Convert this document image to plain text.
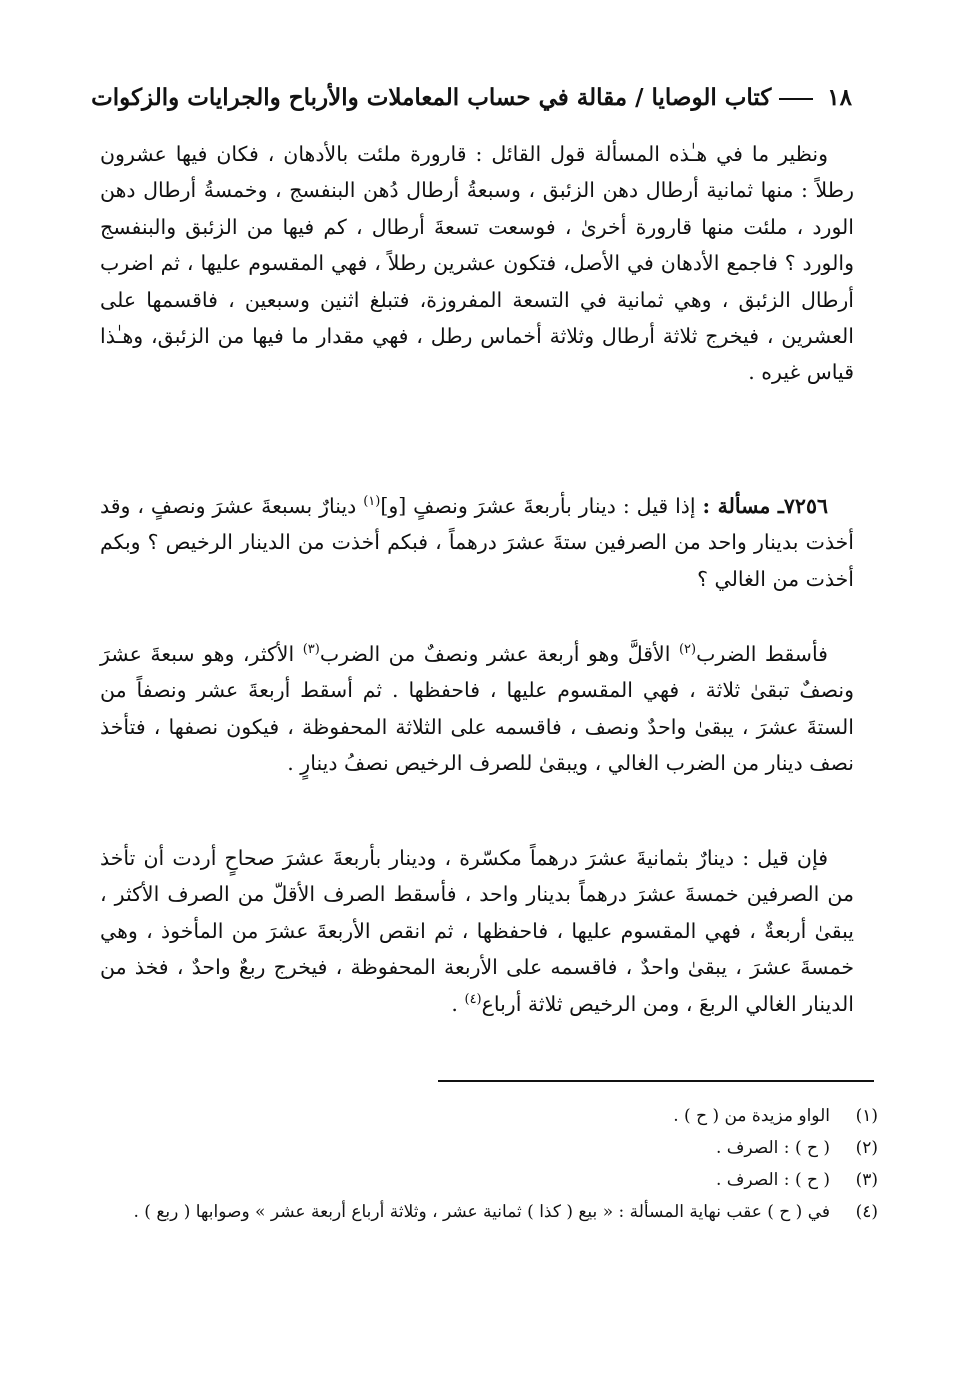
١٨كتاب الوصايا / مقالة في حساب المعاملات والأرباح والجرايات والزكوات

ونظير ما في هـٰذه المسألة قول القائل : قارورة ملئت بالأدهان ، فكان فيها عشرون رطلاً : منها ثمانية أرطال دهن الزئبق ، وسبعةُ أرطال دُهن البنفسج ، وخمسةُ أرطال دهن الورد ، ملئت منها قارورة أخرىٰ ، فوسعت تسعةَ أرطال ، كم فيها من الزئبق والبنفسج والورد ؟ فاجمع الأدهان في الأصل، فتكون عشرين رطلاً ، فهي المقسوم عليها ، ثم اضرب أرطال الزئبق ، وهي ثمانية في التسعة المفروزة، فتبلغ اثنين وسبعين ، فاقسمها على العشرين ، فيخرج ثلاثة أرطال وثلاثة أخماس رطل ، فهي مقدار ما فيها من الزئبق، وهـٰذا قياس غيره .

٧٢٥٦ـ مسألة : إذا قيل : دينار بأربعةَ عشرَ ونصفٍ [و]$^{(١)}$ دينارٌ بسبعةَ عشرَ ونصفٍ ، وقد أخذت بدينار واحد من الصرفين ستةَ عشرَ درهماً ، فبكم أخذت من الدينار الرخيص ؟ وبكم أخذت من الغالي ؟

فأسقط الضرب$^{(٢)}$ الأقلَّ وهو أربعة عشر ونصفٌ من الضرب$^{(٣)}$ الأكثر، وهو سبعةَ عشرَ ونصفٌ تبقىٰ ثلاثة ، فهي المقسوم عليها ، فاحفظها . ثم أسقط أربعةَ عشر ونصفاً من الستةَ عشرَ ، يبقىٰ واحدٌ ونصف ، فاقسمه على الثلاثة المحفوظة ، فيكون نصفها ، فتأخذ نصف دينار من الضرب الغالي ، ويبقىٰ للصرف الرخيص نصفُ دينارٍ .

فإن قيل : دينارٌ بثمانيةَ عشرَ درهماً مكسّرة ، ودينار بأربعةَ عشرَ صحاحٍ أردت أن تأخذ من الصرفين خمسةَ عشرَ درهماً بدينار واحد ، فأسقط الصرف الأقلّ من الصرف الأكثر ، يبقىٰ أربعةٌ ، فهي المقسوم عليها ، فاحفظها ، ثم انقص الأربعةَ عشرَ من المأخوذ ، وهي خمسةَ عشرَ ، يبقىٰ واحدٌ ، فاقسمه على الأربعة المحفوظة ، فيخرج ربعٌ واحدٌ ، فخذ من الدينار الغالي الربعَ ، ومن الرخيص ثلاثة أرباع$^{(٤)}$ .

(١)
الواو مزيدة من ( ح ) .
(٢)
( ح ) : الصرف .
(٣)
( ح ) : الصرف .
(٤)
في ( ح ) عقب نهاية المسألة : « بيع ( كذا ) ثمانية عشر ، وثلاثة أرباع أربعة عشر » وصوابها ( ربع ) .
